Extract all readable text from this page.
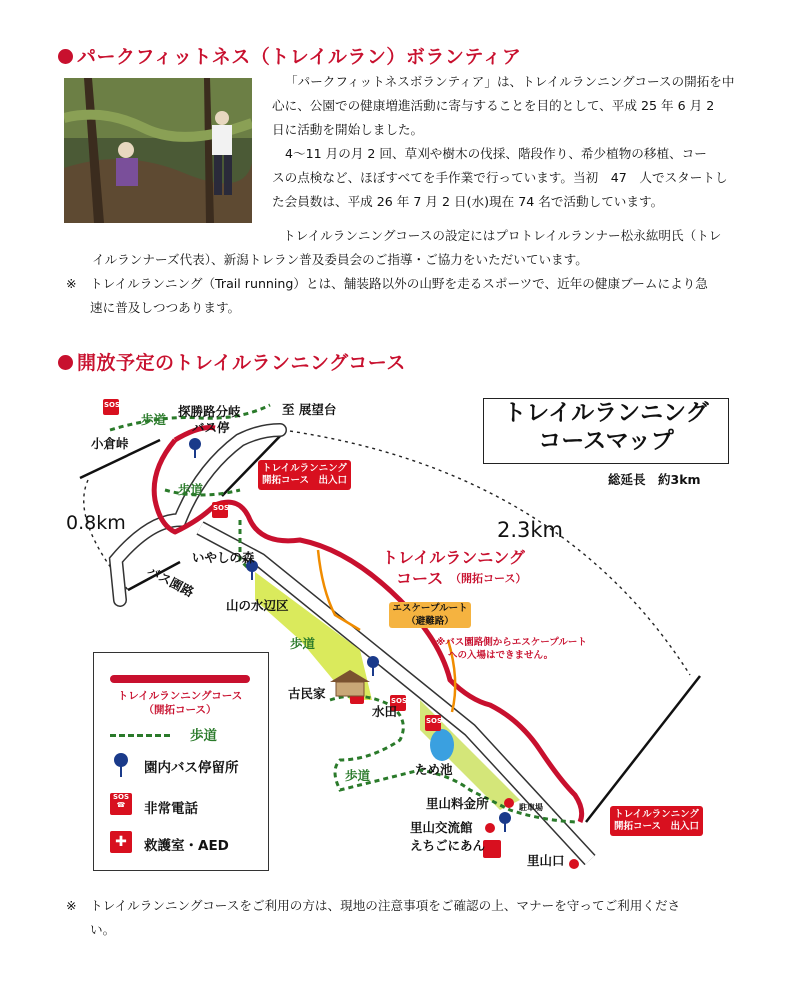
パークフィットネス（トレイルラン）ボランティア
「パークフィットネスボランティア」は、トレイルランニングコースの開拓を中
心に、公園での健康増進活動に寄与することを目的として、平成 25 年 6 月 2
日に活動を開始しました。
4～11 月の月 2 回、草刈や樹木の伐採、階段作り、希少植物の移植、コー
スの点検など、ほぼすべてを手作業で行っています。当初　47　人でスタートし
た会員数は、平成 26 年 7 月 2 日(水)現在 74 名で活動しています。
トレイルランニングコースの設定にはプロトレイルランナー松永紘明氏（トレ
イルランナーズ代表）、新潟トレラン普及委員会のご指導・ご協力をいただいています。
※	トレイルランニング（Trail running）とは、舗装路以外の山野を走るスポーツで、近年の健康ブームにより急
速に普及しつつあります。
開放予定のトレイルランニングコース
トレイルランニング
コースマップ
総延長　約3km
0.8km	2.3km
SOS
SOS
SOS
SOS
探勝路分岐
バス停
至 展望台
小倉峠
歩道
歩道
いやしの森
バス園路
山の水辺区
歩道
古民家
水田
ため池
歩道
里山料金所	駐車場
里山交流館
えちごにあん
里山口
トレイルランニング
コース （開拓コース）
トレイルランニング
開拓コース　出入口
トレイルランニング
開拓コース　出入口
エスケープルート
（避難路）
※バス園路側からエスケープルート
への入場はできません。
トレイルランニングコース
（開拓コース）
歩道
園内バス停留所
SOS
☎	非常電話
✚	救護室・AED
※	トレイルランニングコースをご利用の方は、現地の注意事項をご確認の上、マナーを守ってご利用くださ
い。
